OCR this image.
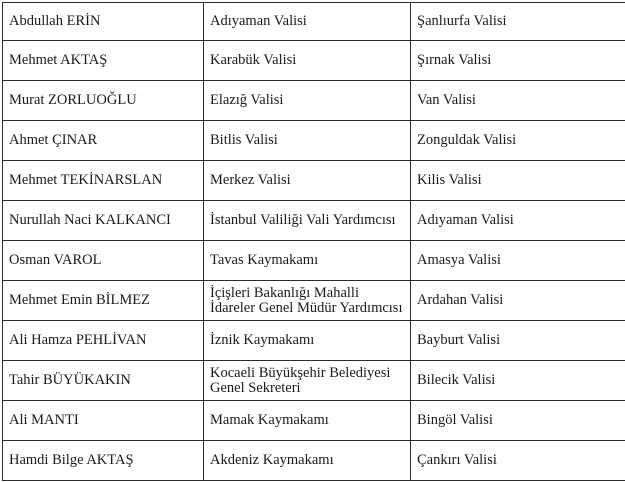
Abdullah ERİN	Adıyaman Valisi	Şanlıurfa Valisi
Mehmet AKTAŞ	Karabük Valisi	Şırnak Valisi
Murat ZORLUOĞLU	Elazığ Valisi	Van Valisi
Ahmet ÇINAR	Bitlis Valisi	Zonguldak Valisi
Mehmet TEKİNARSLAN	Merkez Valisi	Kilis Valisi
Nurullah Naci KALKANCI	İstanbul Valiliği Vali Yardımcısı	Adıyaman Valisi
Osman VAROL	Tavas Kaymakamı	Amasya Valisi
Mehmet Emin BİLMEZ	İçişleri Bakanlığı Mahalli İdareler Genel Müdür Yardımcısı	Ardahan Valisi
Ali Hamza PEHLİVAN	İznik Kaymakamı	Bayburt Valisi
Tahir BÜYÜKAKIN	Kocaeli Büyükşehir Belediyesi Genel Sekreteri	Bilecik Valisi
Ali MANTI	Mamak Kaymakamı	Bingöl Valisi
Hamdi Bilge AKTAŞ	Akdeniz Kaymakamı	Çankırı Valisi
